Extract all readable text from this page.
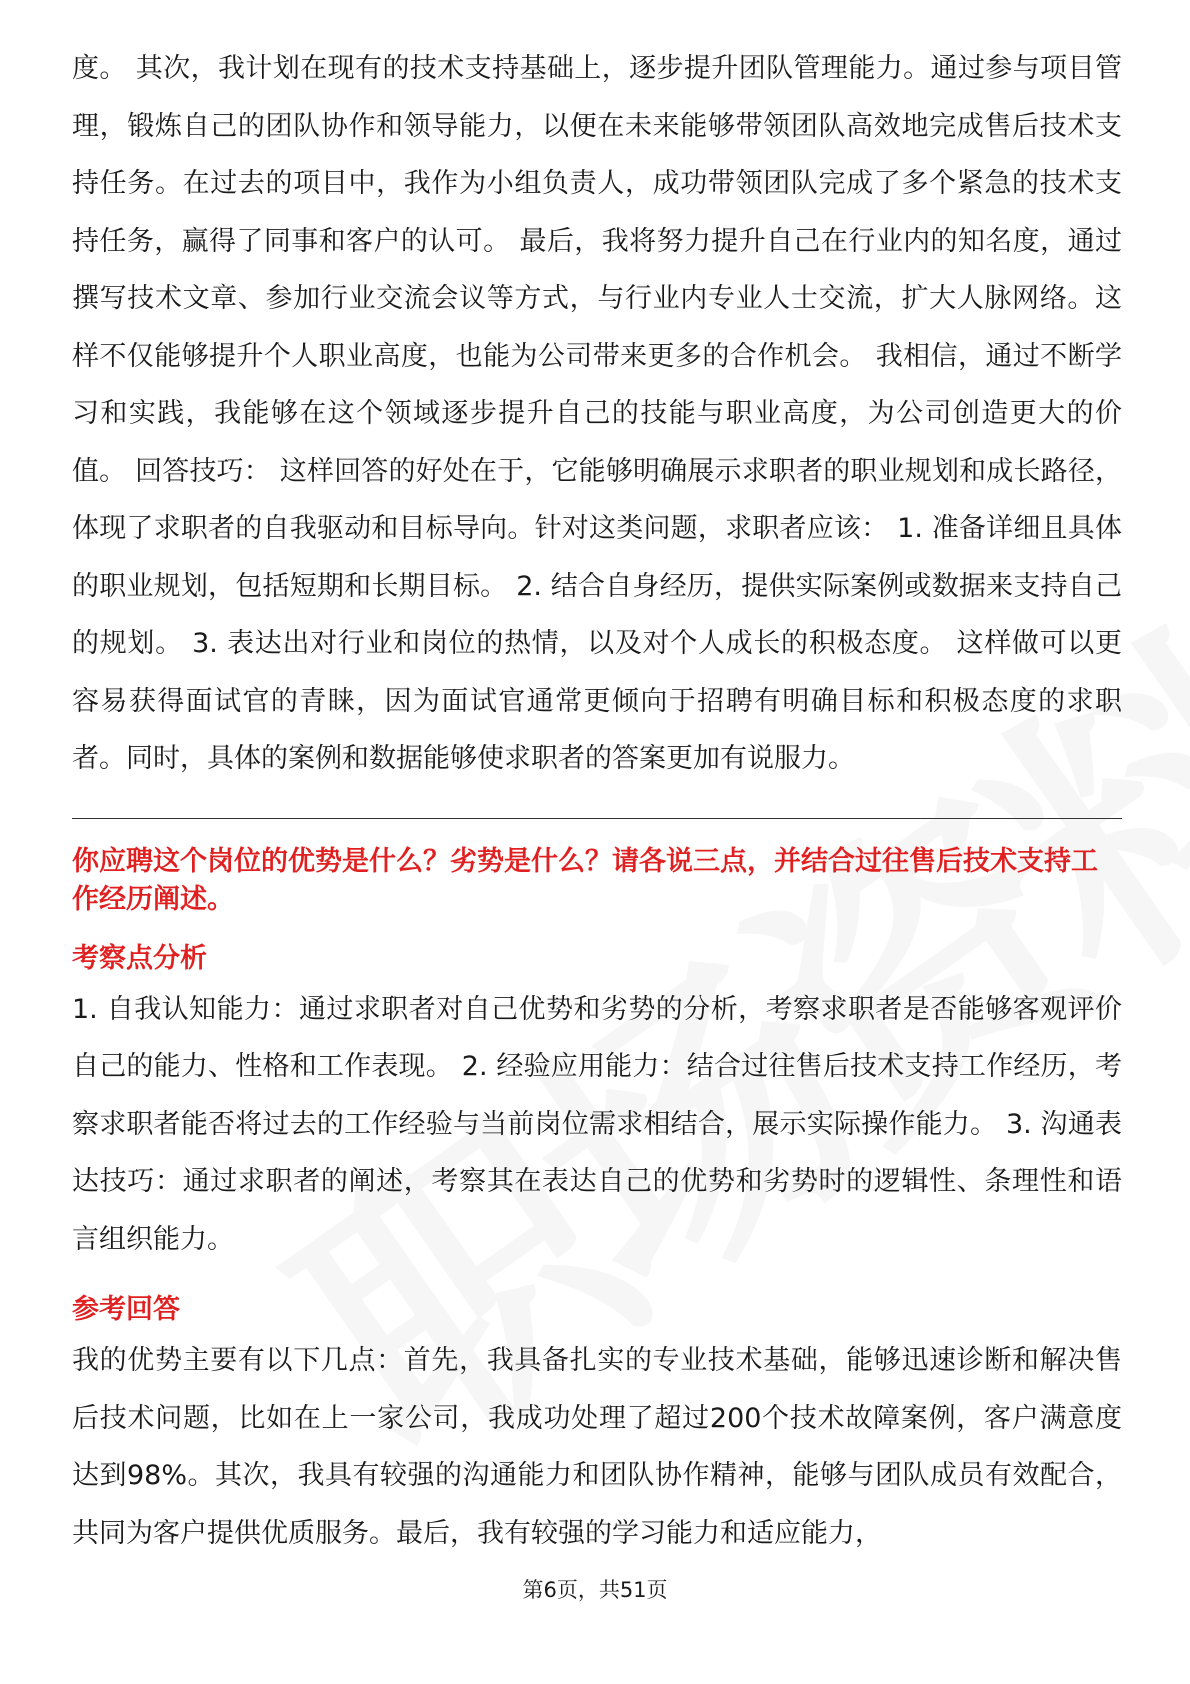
度。 其次，我计划在现有的技术支持基础上，逐步提升团队管理能力。通过参与项目管理，锻炼自己的团队协作和领导能力，以便在未来能够带领团队高效地完成售后技术支持任务。在过去的项目中，我作为小组负责人，成功带领团队完成了多个紧急的技术支持任务，赢得了同事和客户的认可。 最后，我将努力提升自己在行业内的知名度，通过撰写技术文章、参加行业交流会议等方式，与行业内专业人士交流，扩大人脉网络。这样不仅能够提升个人职业高度，也能为公司带来更多的合作机会。 我相信，通过不断学习和实践，我能够在这个领域逐步提升自己的技能与职业高度，为公司创造更大的价值。 回答技巧： 这样回答的好处在于，它能够明确展示求职者的职业规划和成长路径，体现了求职者的自我驱动和目标导向。针对这类问题，求职者应该： 1. 准备详细且具体的职业规划，包括短期和长期目标。 2. 结合自身经历，提供实际案例或数据来支持自己的规划。 3. 表达出对行业和岗位的热情，以及对个人成长的积极态度。 这样做可以更容易获得面试官的青睐，因为面试官通常更倾向于招聘有明确目标和积极态度的求职者。同时，具体的案例和数据能够使求职者的答案更加有说服力。

你应聘这个岗位的优势是什么？劣势是什么？请各说三点，并结合过往售后技术支持工作经历阐述。

考察点分析

1. 自我认知能力：通过求职者对自己优势和劣势的分析，考察求职者是否能够客观评价自己的能力、性格和工作表现。 2. 经验应用能力：结合过往售后技术支持工作经历，考察求职者能否将过去的工作经验与当前岗位需求相结合，展示实际操作能力。 3. 沟通表达技巧：通过求职者的阐述，考察其在表达自己的优势和劣势时的逻辑性、条理性和语言组织能力。

参考回答

我的优势主要有以下几点：首先，我具备扎实的专业技术基础，能够迅速诊断和解决售后技术问题，比如在上一家公司，我成功处理了超过200个技术故障案例，客户满意度达到98%。其次，我具有较强的沟通能力和团队协作精神，能够与团队成员有效配合，共同为客户提供优质服务。最后，我有较强的学习能力和适应能力，

第6页，共51页
